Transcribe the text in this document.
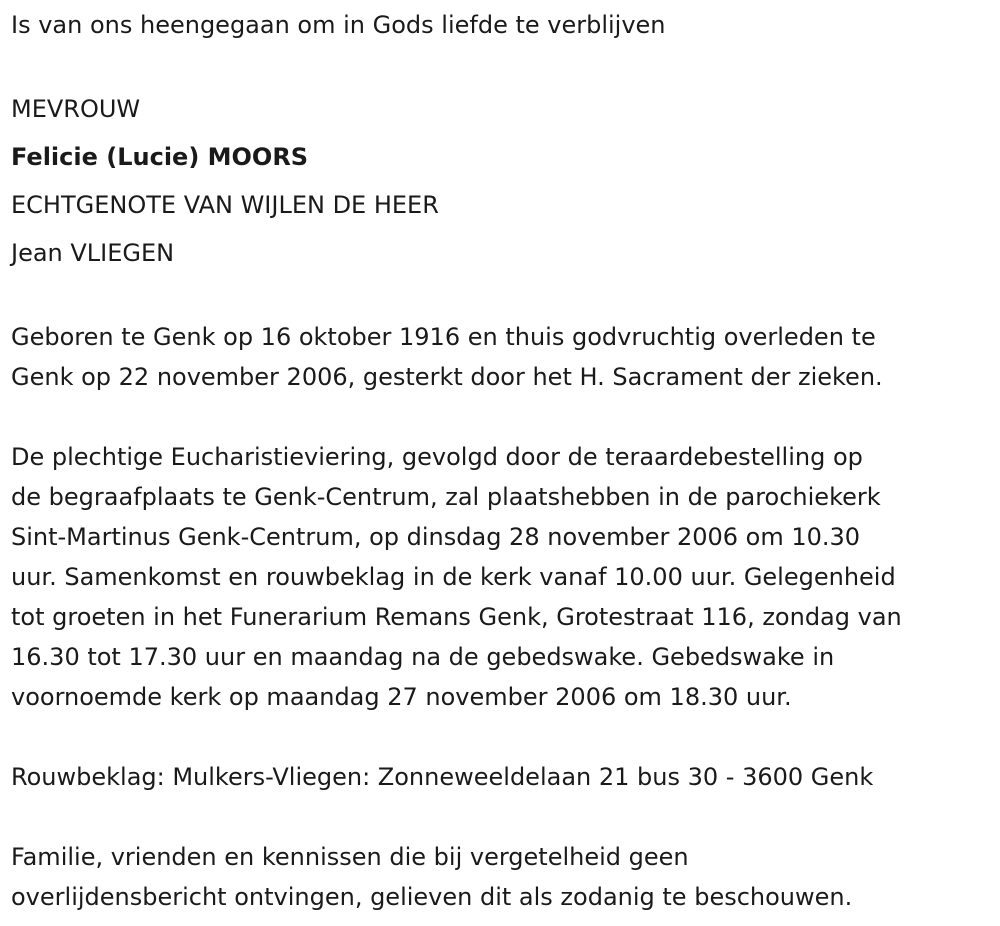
Is van ons heengegaan om in Gods liefde te verblijven
MEVROUW
Felicie (Lucie) MOORS
ECHTGENOTE VAN WIJLEN DE HEER
Jean VLIEGEN
Geboren te Genk op 16 oktober 1916 en thuis godvruchtig overleden te
Genk op 22 november 2006, gesterkt door het H. Sacrament der zieken.
De plechtige Eucharistieviering, gevolgd door de teraardebestelling op
de begraafplaats te Genk-Centrum, zal plaatshebben in de parochiekerk
Sint-Martinus Genk-Centrum, op dinsdag 28 november 2006 om 10.30
uur. Samenkomst en rouwbeklag in de kerk vanaf 10.00 uur. Gelegenheid
tot groeten in het Funerarium Remans Genk, Grotestraat 116, zondag van
16.30 tot 17.30 uur en maandag na de gebedswake. Gebedswake in
voornoemde kerk op maandag 27 november 2006 om 18.30 uur.
Rouwbeklag: Mulkers-Vliegen: Zonneweeldelaan 21 bus 30 - 3600 Genk
Familie, vrienden en kennissen die bij vergetelheid geen
overlijdensbericht ontvingen, gelieven dit als zodanig te beschouwen.
